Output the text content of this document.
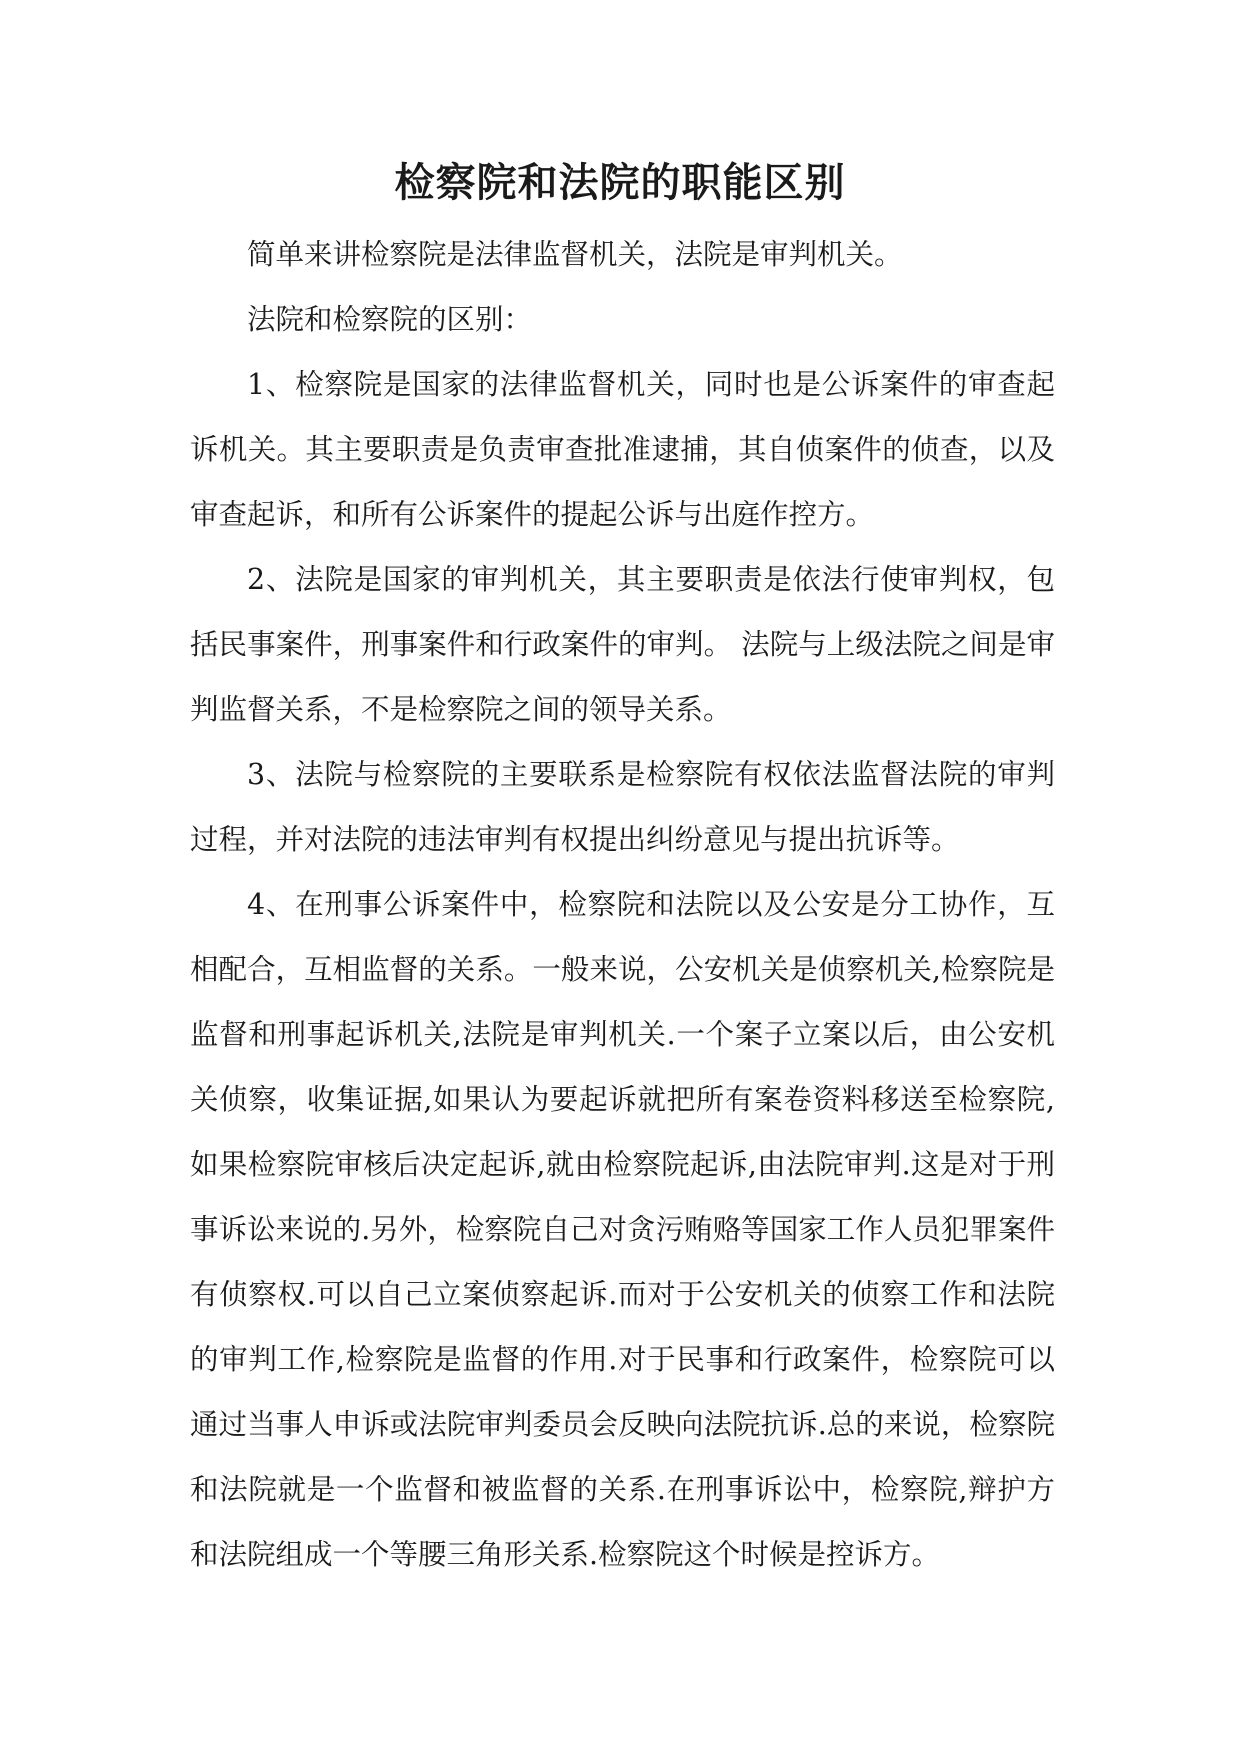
检察院和法院的职能区别

简单来讲检察院是法律监督机关，法院是审判机关。

法院和检察院的区别：

1、检察院是国家的法律监督机关，同时也是公诉案件的审查起诉机关。其主要职责是负责审查批准逮捕，其自侦案件的侦查，以及审查起诉，和所有公诉案件的提起公诉与出庭作控方。

2、法院是国家的审判机关，其主要职责是依法行使审判权，包括民事案件，刑事案件和行政案件的审判。 法院与上级法院之间是审判监督关系，不是检察院之间的领导关系。

3、法院与检察院的主要联系是检察院有权依法监督法院的审判过程，并对法院的违法审判有权提出纠纷意见与提出抗诉等。

4、在刑事公诉案件中，检察院和法院以及公安是分工协作，互相配合，互相监督的关系。一般来说，公安机关是侦察机关,检察院是监督和刑事起诉机关,法院是审判机关.一个案子立案以后，由公安机关侦察，收集证据,如果认为要起诉就把所有案卷资料移送至检察院,如果检察院审核后决定起诉,就由检察院起诉,由法院审判.这是对于刑事诉讼来说的.另外，检察院自己对贪污贿赂等国家工作人员犯罪案件有侦察权.可以自己立案侦察起诉.而对于公安机关的侦察工作和法院的审判工作,检察院是监督的作用.对于民事和行政案件，检察院可以通过当事人申诉或法院审判委员会反映向法院抗诉.总的来说，检察院和法院就是一个监督和被监督的关系.在刑事诉讼中，检察院,辩护方和法院组成一个等腰三角形关系.检察院这个时候是控诉方。
